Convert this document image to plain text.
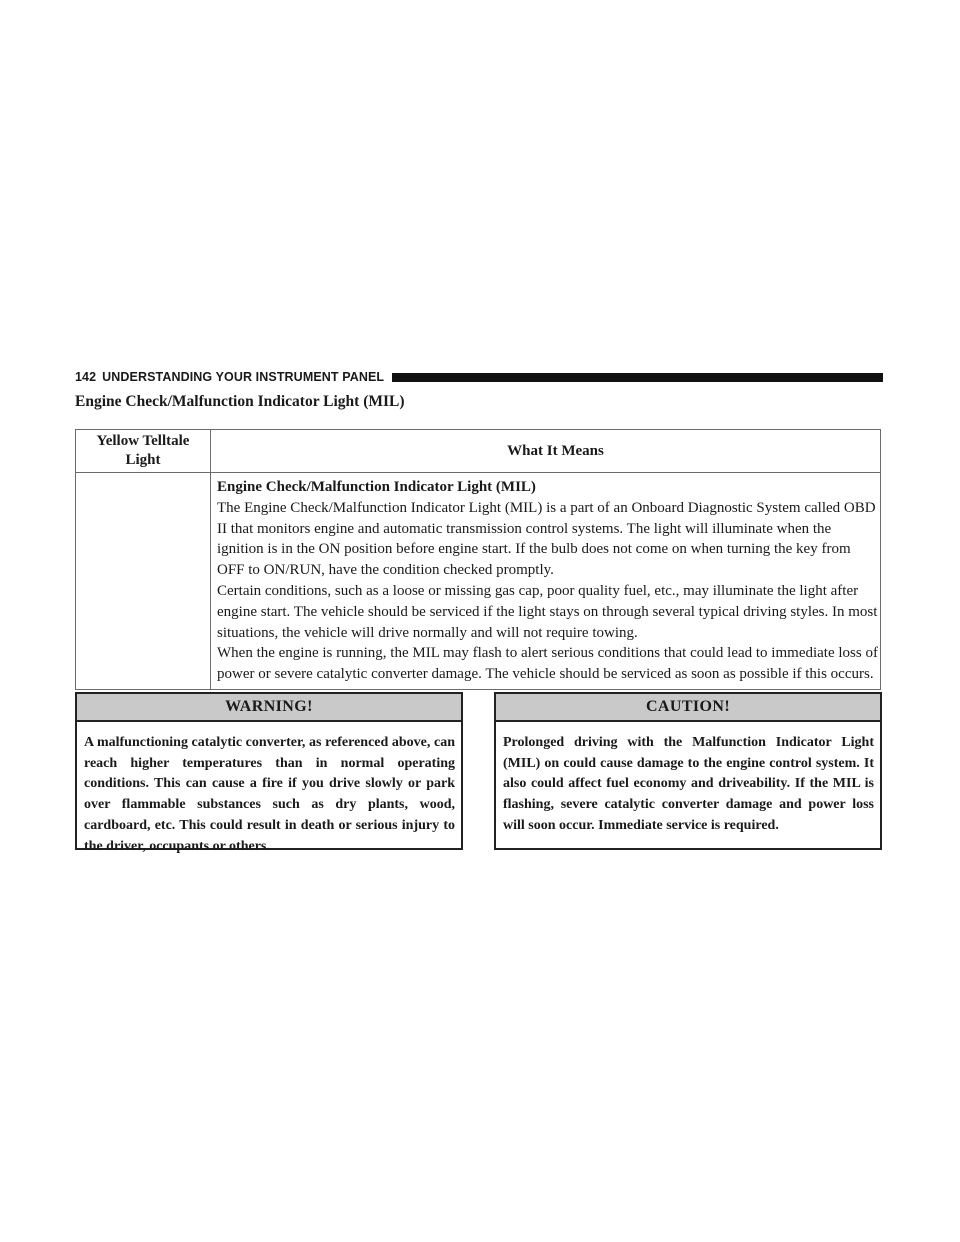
142 UNDERSTANDING YOUR INSTRUMENT PANEL
Engine Check/Malfunction Indicator Light (MIL)
Yellow Telltale
Light	What It Means

	Engine Check/Malfunction Indicator Light (MIL)

The Engine Check/Malfunction Indicator Light (MIL) is a part of an Onboard Diagnostic System called OBD II that monitors engine and automatic transmission control systems. The light will illuminate when the ignition is in the ON position before engine start. If the bulb does not come on when turning the key from OFF to ON/RUN, have the condition checked promptly.

Certain conditions, such as a loose or missing gas cap, poor quality fuel, etc., may illuminate the light after engine start. The vehicle should be serviced if the light stays on through several typical driving styles. In most situations, the vehicle will drive normally and will not require towing.

When the engine is running, the MIL may flash to alert serious conditions that could lead to immediate loss of power or severe catalytic converter damage. The vehicle should be serviced as soon as possible if this occurs.

WARNING!

A malfunctioning catalytic converter, as referenced above, can reach higher temperatures than in normal operating conditions. This can cause a fire if you drive slowly or park over flammable substances such as dry plants, wood, cardboard, etc. This could result in death or serious injury to the driver, occupants or others.

CAUTION!

Prolonged driving with the Malfunction Indicator Light (MIL) on could cause damage to the engine control system. It also could affect fuel economy and driveability. If the MIL is flashing, severe catalytic converter damage and power loss will soon occur. Immediate service is required.
